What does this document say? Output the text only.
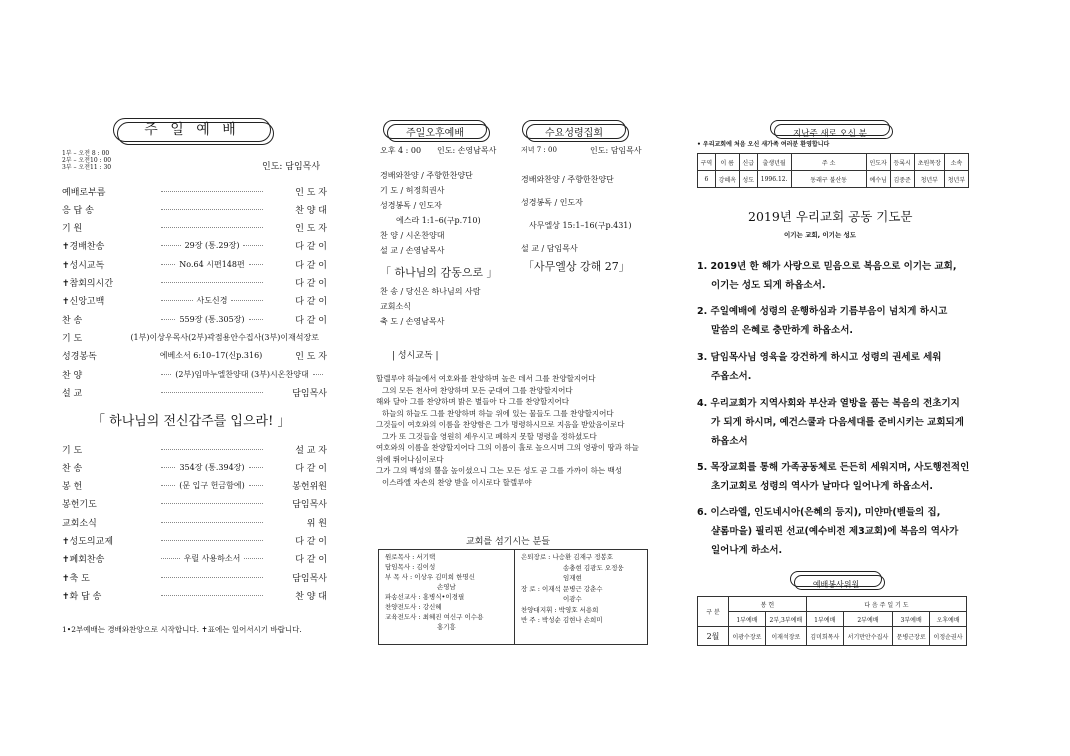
주 일 예 배
1부 – 오전 8 : 00
2부 – 오전10 : 00
3부 – 오전11 : 30	인도: 담임목사
예배로부름	인 도 자
응 답 송	찬 양 대
기 원	인 도 자
✝경배찬송	29장 (통.29장)	다 같 이
✝성시교독	No.64 시편148편	다 같 이
✝참회의시간	다 같 이
✝신앙고백	사도신경	다 같 이
찬 송	559장 (통.305장)	다 같 이
기 도	(1부)이상우목사(2부)곽점용안수집사(3부)이재석장로
성경봉독	에베소서 6:10–17(신p.316)	인 도 자
찬 양	(2부)임마누엘찬양대 (3부)시온찬양대
설 교	담임목사
「 하나님의 전신갑주를 입으라! 」
기 도	설 교 자
찬 송	354장 (통.394장)	다 같 이
봉 헌	(문 입구 헌금함에)	봉헌위원
봉헌기도	담임목사
교회소식	위 원
✝성도의교제	다 같 이
✝폐회찬송	우릴 사용하소서	다 같 이
✝축 도	담임목사
✝화 답 송	찬 양 대
1•2부예배는 경배와찬양으로 시작합니다. ✝표에는 일어서시기 바랍니다.
주일오후예배	수요성령집회
오후 4 : 00 인도: 손영남목사	저녁 7 : 00	인도: 담임목사
경배와찬양 / 주향한찬양단
기 도 / 허정희권사
성경봉독 / 인도자
에스라 1:1–6(구p.710)
찬 양 / 시온찬양대
설 교 / 손영남목사
「 하나님의 감동으로 」
찬 송 / 당신은 하나님의 사람
교회소식
축 도 / 손영남목사
경배와찬양 / 주향한찬양단
성경봉독 / 인도자
사무엘상 15:1–16(구p.431)
설 교 / 담임목사
「사무엘상 강해 27」
| 성시교독 |
할렐루야 하늘에서 여호와를 찬양하며 높은 데서 그를 찬양할지어다
그의 모든 천사여 찬양하며 모든 군대여 그를 찬양할지어다
해와 달아 그를 찬양하며 밝은 별들아 다 그를 찬양할지어다
하늘의 하늘도 그를 찬양하며 하늘 위에 있는 물들도 그를 찬양할지어다
그것들이 여호와의 이름을 찬양함은 그가 명령하시므로 지음을 받았음이로다
그가 또 그것들을 영원히 세우시고 폐하지 못할 명령을 정하셨도다
여호와의 이름을 찬양할지어다 그의 이름이 홀로 높으시며 그의 영광이 땅과 하늘
위에 뛰어나심이로다
그가 그의 백성의 뿔을 높이셨으니 그는 모든 성도 곧 그를 가까이 하는 백성
이스라엘 자손의 찬양 받을 이시로다 할렐루야
교회를 섬기시는 분들
원로목사 : 서기택
담임목사 : 김이성
부 목 사 : 이상우 김미희 한명신
손영남
파송선교사 : 홍병식•이경필
찬양전도사 : 강신혜
교육전도사 : 최혜진 여신구 이수용
홍기흥
은퇴장로 : 나승환 김재구 정봉호
송충현 김광도 오정웅
임재현
장 로 : 이재석 문병근 강춘수
이광수
찬양대지휘 : 박영호 서용희
반 주 : 박성순 김현나 손희미
지난주 새로 오신 분
• 우리교회에 처음 오신 새가족 여러분 환영합니다
구역	이 름	신급	출생년월	주 소	인도자	등록시	초원목장	소속
6	강혜옥	성도	1996.12.	동래구 불산동	예수님	김중준	청년부	청년부
2019년 우리교회 공동 기도문
이기는 교회, 이기는 성도
1. 2019년 한 해가 사랑으로 믿음으로 복음으로 이기는 교회,
이기는 성도 되게 하옵소서.
2. 주일예배에 성령의 운행하심과 기름부음이 넘치게 하시고
말씀의 은혜로 충만하게 하옵소서.
3. 담임목사님 영육을 강건하게 하시고 성령의 권세로 세워
주옵소서.
4. 우리교회가 지역사회와 부산과 열방을 품는 복음의 전초기지
가 되게 하시며, 예건스쿨과 다음세대를 준비시키는 교회되게
하옵소서
5. 목장교회를 통해 가족공동체로 든든히 세워지며, 사도행전적인
초기교회로 성령의 역사가 날마다 일어나게 하옵소서.
6. 이스라엘, 인도네시아(은혜의 등지), 미얀마(벧들의 집,
샬롬마을) 필리핀 선교(예수비전 제3교회)에 복음의 역사가
일어나게 하소서.
예배봉사위원
구 분	봉 헌		다 음 주 일 기 도			
	1부예배	2부,3부예배	1부예배	2부예배	3부예배	오후예배
2월	이광수장로	이재석장로	김미희목사	서기만안수집사	문병근장로	이정순권사
